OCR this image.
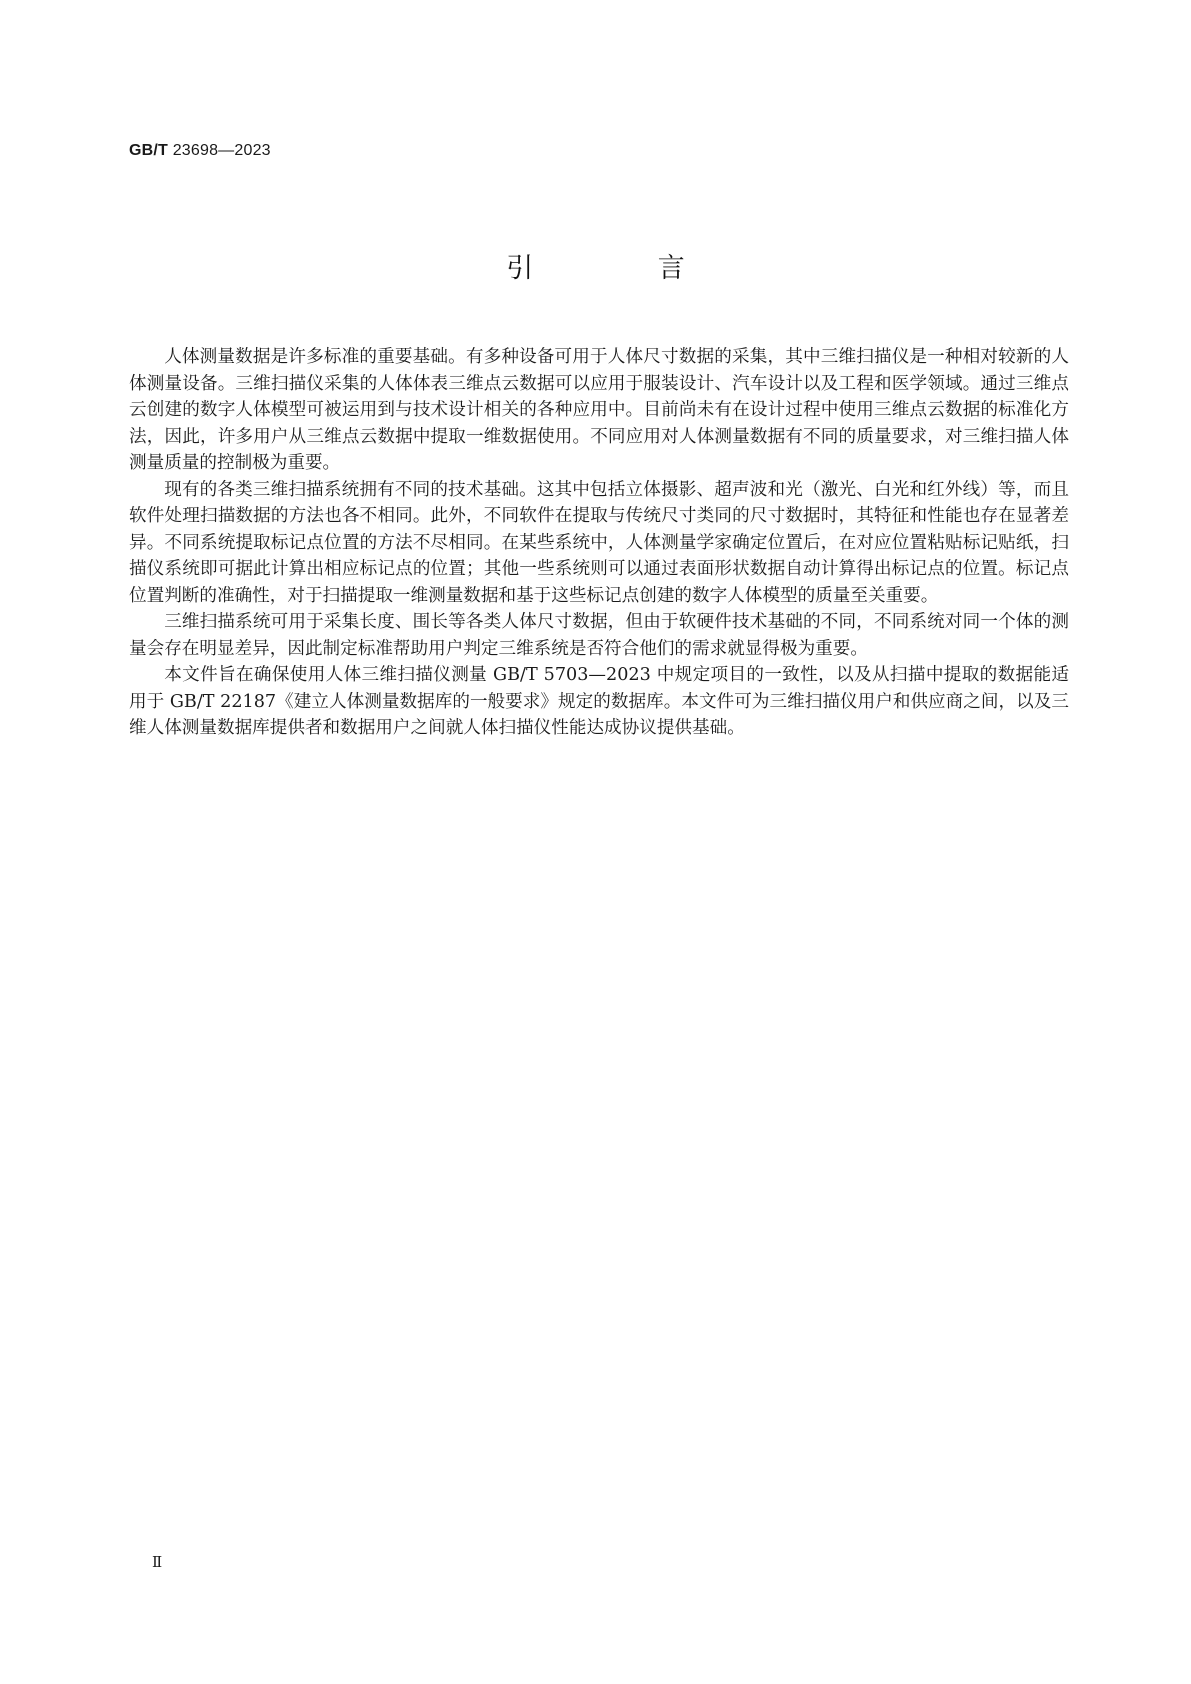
GB/T 23698—2023
引 言

人体测量数据是许多标准的重要基础。有多种设备可用于人体尺寸数据的采集，其中三维扫描仪是一种相对较新的人体测量设备。三维扫描仪采集的人体体表三维点云数据可以应用于服装设计、汽车设计以及工程和医学领域。通过三维点云创建的数字人体模型可被运用到与技术设计相关的各种应用中。目前尚未有在设计过程中使用三维点云数据的标准化方法，因此，许多用户从三维点云数据中提取一维数据使用。不同应用对人体测量数据有不同的质量要求，对三维扫描人体测量质量的控制极为重要。

现有的各类三维扫描系统拥有不同的技术基础。这其中包括立体摄影、超声波和光（激光、白光和红外线）等，而且软件处理扫描数据的方法也各不相同。此外，不同软件在提取与传统尺寸类同的尺寸数据时，其特征和性能也存在显著差异。不同系统提取标记点位置的方法不尽相同。在某些系统中，人体测量学家确定位置后，在对应位置粘贴标记贴纸，扫描仪系统即可据此计算出相应标记点的位置；其他一些系统则可以通过表面形状数据自动计算得出标记点的位置。标记点位置判断的准确性，对于扫描提取一维测量数据和基于这些标记点创建的数字人体模型的质量至关重要。

三维扫描系统可用于采集长度、围长等各类人体尺寸数据，但由于软硬件技术基础的不同，不同系统对同一个体的测量会存在明显差异，因此制定标准帮助用户判定三维系统是否符合他们的需求就显得极为重要。

本文件旨在确保使用人体三维扫描仪测量 GB/T 5703—2023 中规定项目的一致性，以及从扫描中提取的数据能适用于 GB/T 22187《建立人体测量数据库的一般要求》规定的数据库。本文件可为三维扫描仪用户和供应商之间，以及三维人体测量数据库提供者和数据用户之间就人体扫描仪性能达成协议提供基础。

Ⅱ
